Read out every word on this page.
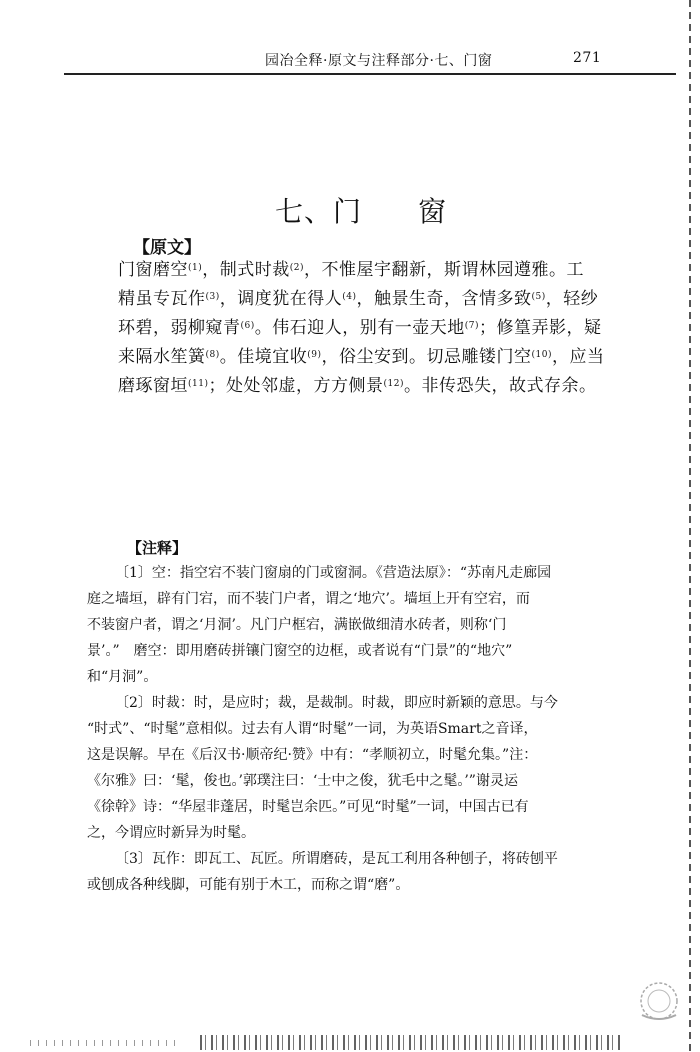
园冶全释·原文与注释部分·七、门窗	271
七、门 窗
【原文】
门窗磨空$^{(1)}$，制式时裁$^{(2)}$，不惟屋宇翻新，斯谓林园遵雅。工
精虽专瓦作$^{(3)}$，调度犹在得人$^{(4)}$，触景生奇，含情多致$^{(5)}$，轻纱
环碧，弱柳窥青$^{(6)}$。伟石迎人，别有一壶天地$^{(7)}$；修篁弄影，疑
来隔水笙簧$^{(8)}$。佳境宜收$^{(9)}$，俗尘安到。切忌雕镂门空$^{(10)}$，应当
磨琢窗垣$^{(11)}$；处处邻虚，方方侧景$^{(12)}$。非传恐失，故式存余。
【注释】
〔1〕空：指空宕不装门窗扇的门或窗洞。《营造法原》：“苏南凡走廊园
庭之墙垣，辟有门宕，而不装门户者，谓之‘地穴’。墙垣上开有空宕，而
不装窗户者，谓之‘月洞’。凡门户框宕，满嵌做细清水砖者，则称‘门
景’。”　磨空：即用磨砖拼镶门窗空的边框，或者说有“门景”的“地穴”
和“月洞”。
〔2〕时裁：时，是应时；裁，是裁制。时裁，即应时新颖的意思。与今
“时式”、“时髦”意相似。过去有人谓“时髦”一词，为英语Smart之音译，
这是误解。早在《后汉书·顺帝纪·赞》中有：“孝顺初立，时髦允集。”注：
《尔雅》曰：‘髦，俊也。’郭璞注曰：‘士中之俊，犹毛中之髦。’”谢灵运
《徐幹》诗：“华屋非蓬居，时髦岂余匹。”可见“时髦”一词，中国古已有
之，今谓应时新异为时髦。
〔3〕瓦作：即瓦工、瓦匠。所谓磨砖，是瓦工利用各种刨子，将砖刨平
或刨成各种线脚，可能有别于木工，而称之谓“磨”。
